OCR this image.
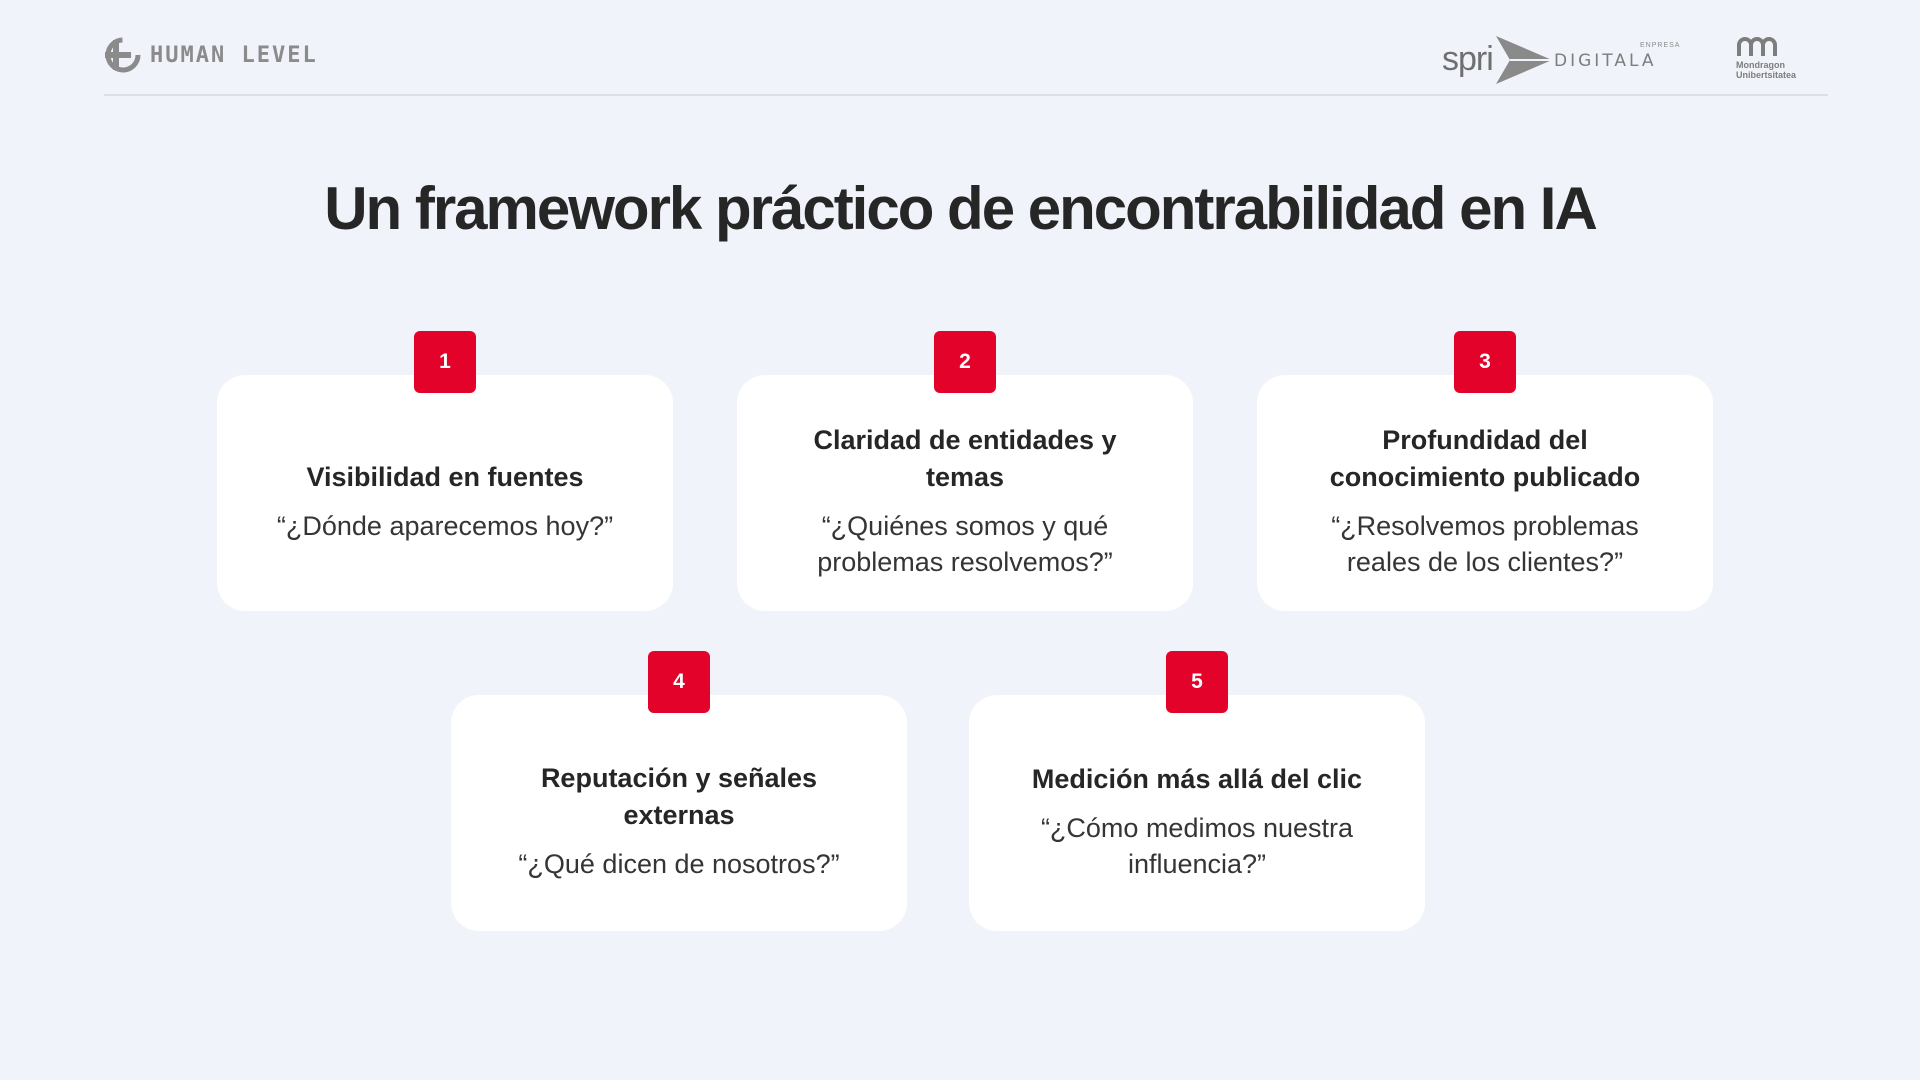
HUMAN LEVEL	spri	ENPRESA
DIGITALA	Mondragon
Unibertsitatea
Un framework práctico de encontrabilidad en IA
1
Visibilidad en fuentes
“¿Dónde aparecemos hoy?”
2
Claridad de entidades y temas
“¿Quiénes somos y qué problemas resolvemos?”
3
Profundidad del conocimiento publicado
“¿Resolvemos problemas reales de los clientes?”
4
Reputación y señales externas
“¿Qué dicen de nosotros?”
5
Medición más allá del clic
“¿Cómo medimos nuestra influencia?”
